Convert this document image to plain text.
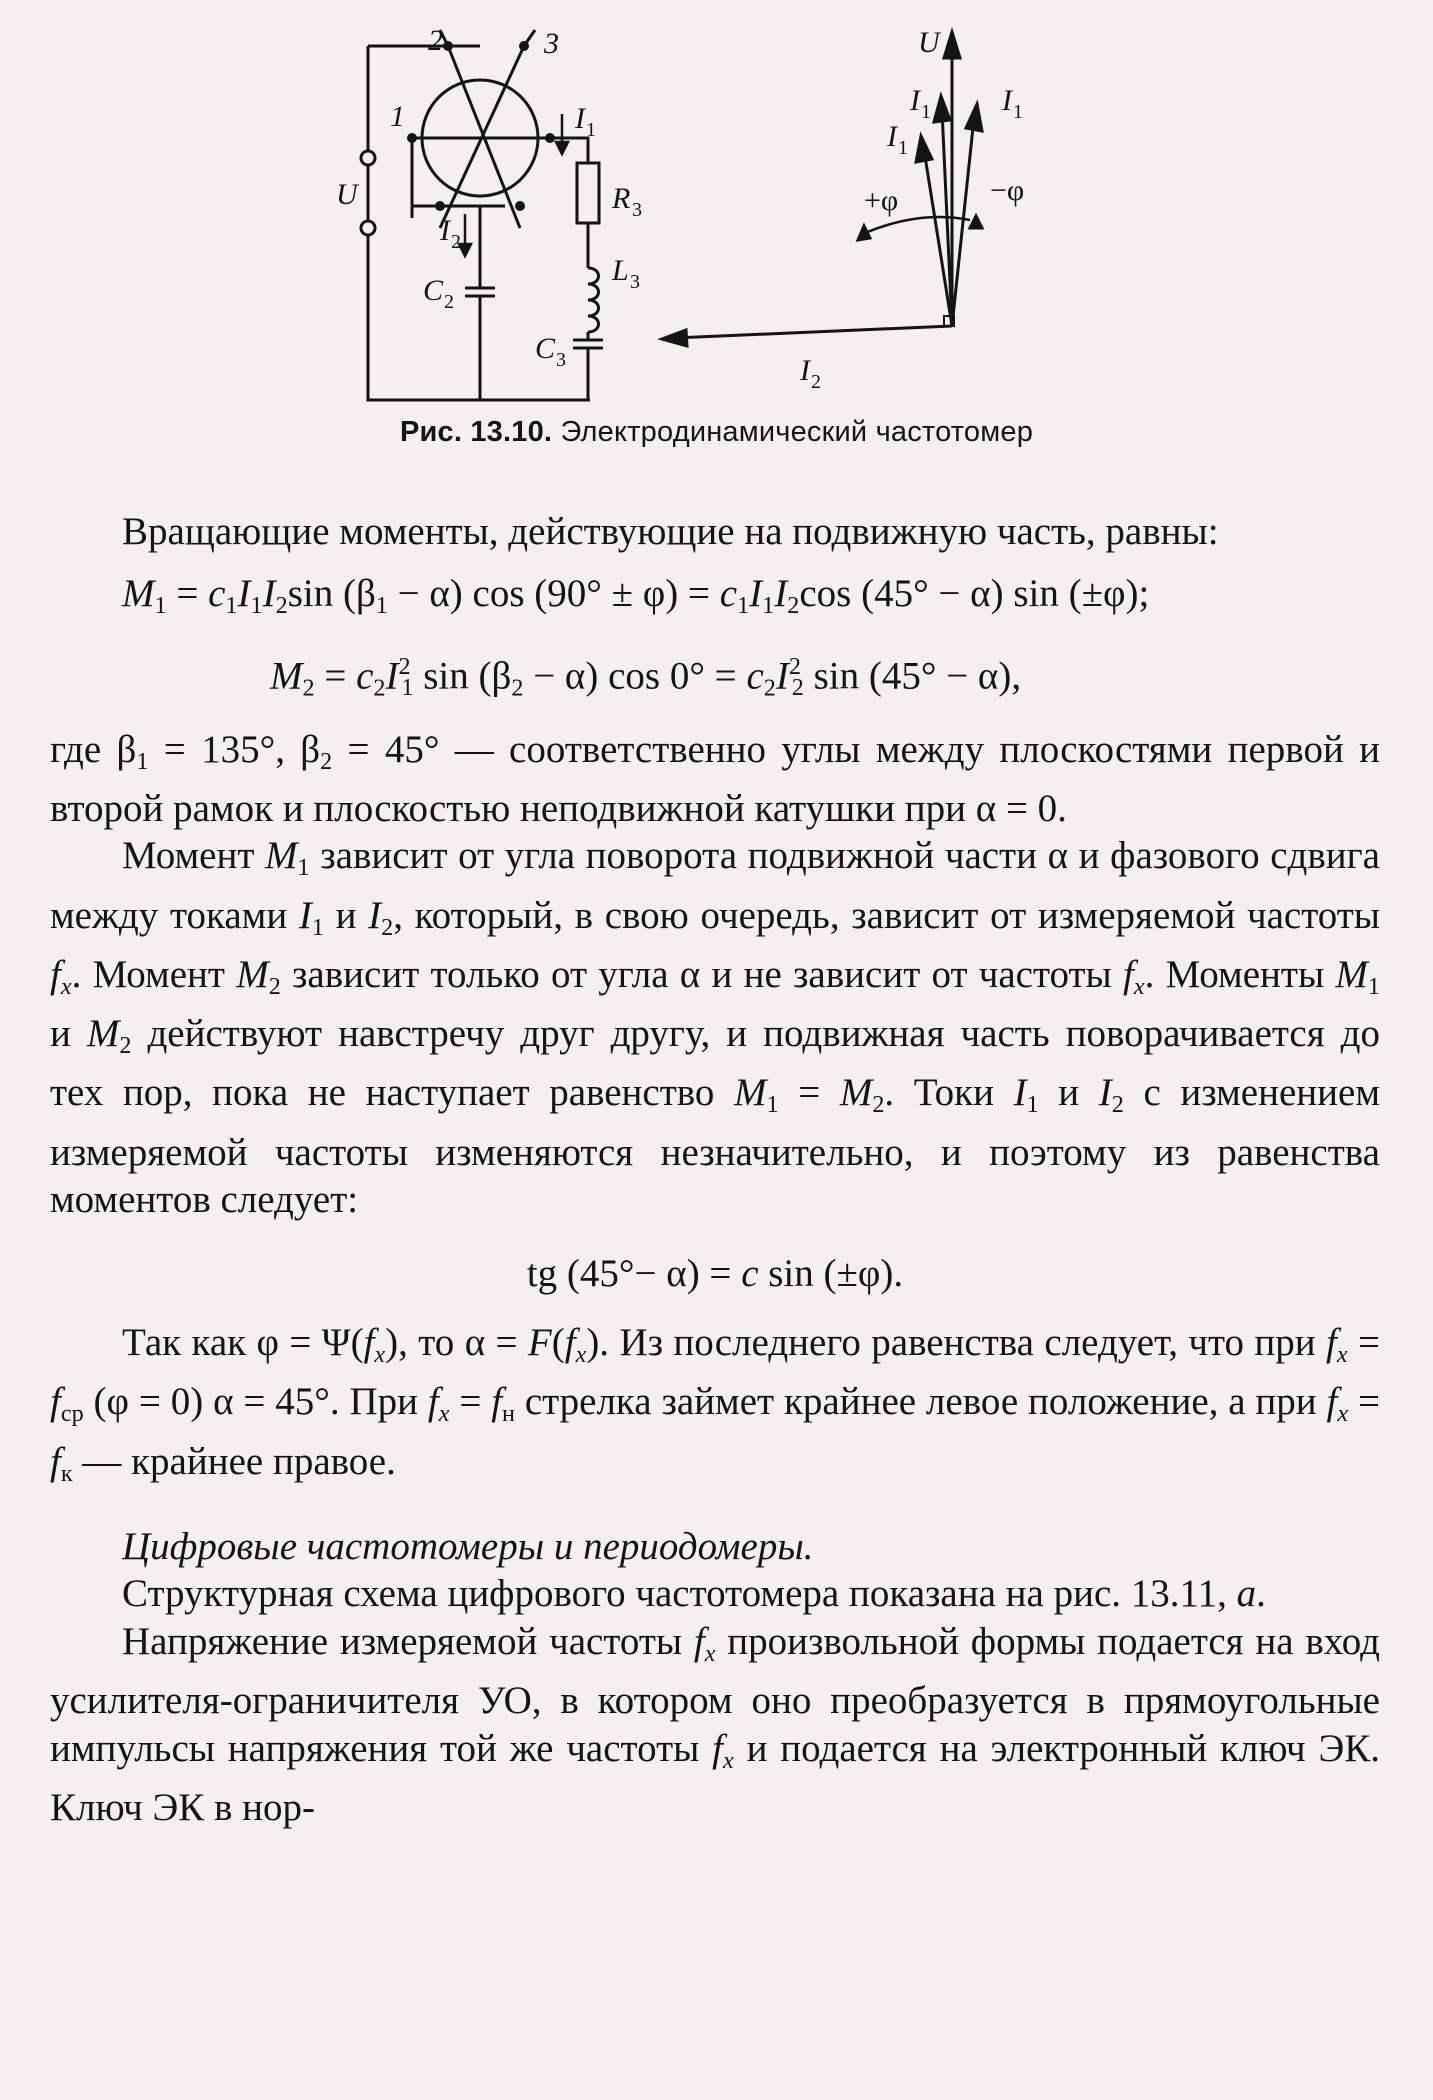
2	3
1
U
I 1
R 3
I 2
C 2
L 3
C 3
U
I 1
I 1
I 1
+φ	−φ
I 2
Рис. 13.10. Электродинамический частотомер

Вращающие моменты, действующие на подвижную часть, равны:

$M_1 = c_1I_1I_2\sin$ $(\beta_1 - \alpha)$ $\cos (90^\circ \pm \varphi) = c_1I_1I_2\cos$ (45° − α) sin (±φ);

$M_2 = c_2I^2_1$ $\sin (\beta_2 - \alpha)$ $\cos 0^\circ = c_2I^2_2$ sin (45° − α),

где $\beta_1 = 135^\circ$, $\beta_2 = 45^\circ$ — соответственно углы между плоскостями первой и второй рамок и плоскостью неподвижной катушки при α = 0.

Момент $M_1$ зависит от угла поворота подвижной части α и фазового сдвига между токами $I_1$ и $I_2$, который, в свою очередь, зависит от измеряемой частоты $f_x$. Момент $M_2$ зависит только от угла α и не зависит от частоты $f_x$. Моменты $M_1$ и $M_2$ действуют навстречу друг другу, и подвижная часть поворачивается до тех пор, пока не наступает равенство $M_1 = M_2$. Токи $I_1$ и $I_2$ с изменением измеряемой частоты изменяются незначительно, и поэтому из равенства моментов следует:

tg (45°− α) = c sin (±φ).

Так как $\varphi = \Psi(f_x)$, то $\alpha = F(f_x)$. Из последнего равенства следует, что при $f_x = f_{ср}$ (φ = 0) α = 45°. При $f_x = f_н$ стрелка займет крайнее левое положение, а при $f_x = f_к$ — крайнее правое.

Цифровые частотомеры и периодомеры.

Структурная схема цифрового частотомера показана на рис. 13.11, а.

Напряжение измеряемой частоты $f_x$ произвольной формы подается на вход усилителя-ограничителя УО, в котором оно преобразуется в прямоугольные импульсы напряжения той же частоты $f_x$ и подается на электронный ключ ЭК. Ключ ЭК в нор-
